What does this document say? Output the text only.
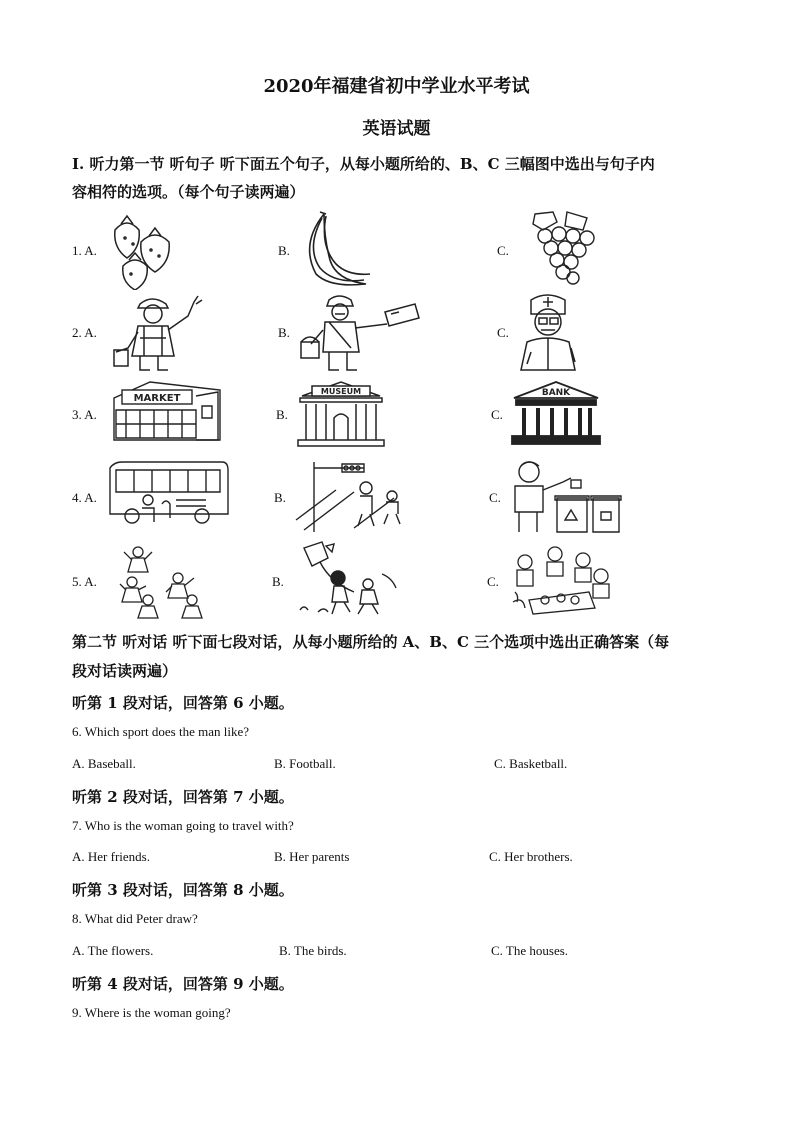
2020年福建省初中学业水平考试
英语试题
Ⅰ. 听力第一节 听句子 听下面五个句子，从每小题所给的、B、C 三幅图中选出与句子内
容相符的选项。（每个句子读两遍）
1. A.	B.	C.
2. A.	B.	C.
3. A.	B.	C.
MARKET
MUSEUM	BANK
4. A.	B.	C.
5. A.	B.	C.
第二节 听对话 听下面七段对话，从每小题所给的 A、B、C 三个选项中选出正确答案（每
段对话读两遍）
听第 1 段对话，回答第 6 小题。
6. Which sport does the man like?
A. Baseball.	B. Football.	C. Basketball.
听第 2 段对话，回答第 7 小题。
7. Who is the woman going to travel with?
A. Her friends.	B. Her parents	C. Her brothers.
听第 3 段对话，回答第 8 小题。
8. What did Peter draw?
A. The flowers.	B. The birds.	C. The houses.
听第 4 段对话，回答第 9 小题。
9. Where is the woman going?
